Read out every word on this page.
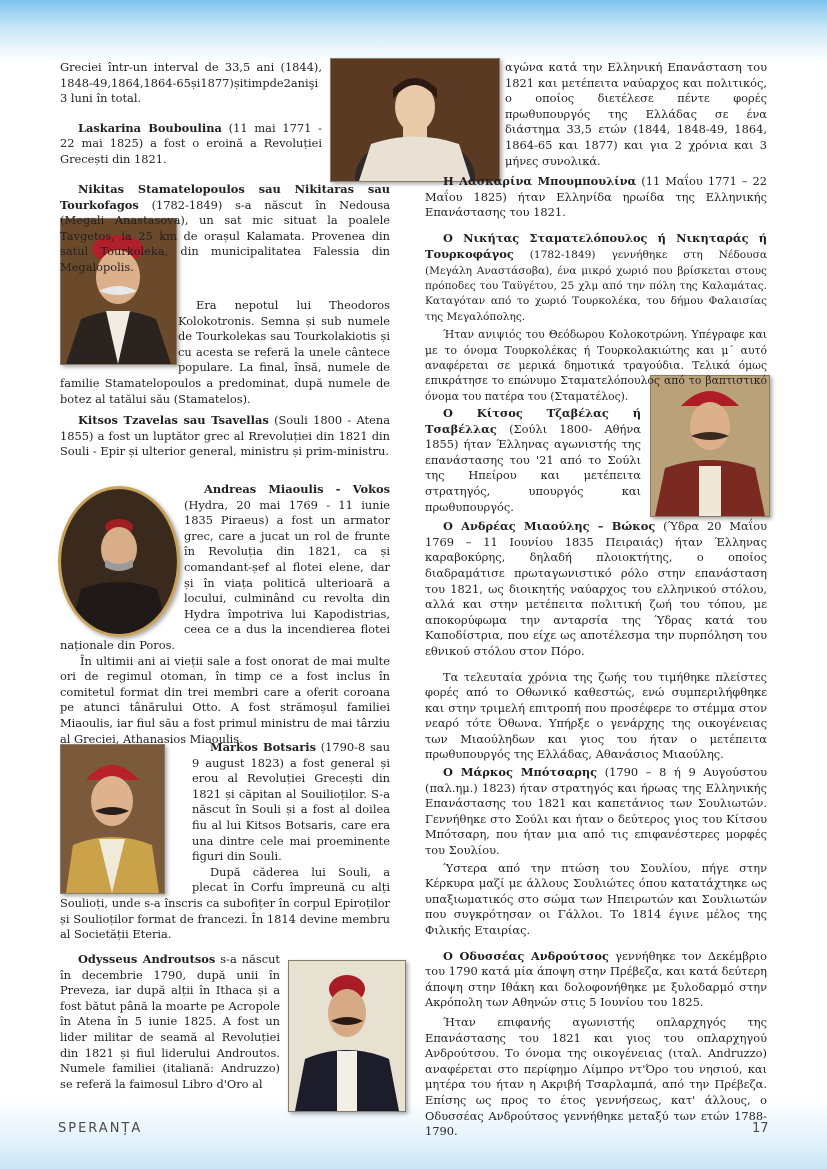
Greciei într-un interval de 33,5 ani (1844), 1848-49,1864,1864-65și1877)șitimpde2anişi 3 luni în total.

Laskarina Bouboulina (11 mai 1771 - 22 mai 1825) a fost o eroină a Revoluției Grecești din 1821.

Nikitas Stamatelopoulos sau Nikitaras sau Tourkofagos (1782-1849) s-a născut în Nedousa (Megali Anastasova), un sat mic situat la poalele Tavgetos, la 25 km de orașul Kalamata. Provenea din satul Tourkoleka, din municipalitatea Falessia din Megalopolis.

Era nepotul lui Theodoros Kolokotronis. Semna și sub numele de Tourkolekas sau Tourkolakiotis și cu acesta se referă la unele cântece populare. La final, însă, numele de familie Stamatelopoulos a predominat, după numele de botez al tatălui său (Stamatelos).

Kitsos Tzavelas sau Tsavellas (Souli 1800 - Atena 1855) a fost un luptător grec al Rrevoluției din 1821 din Souli - Epir și ulterior general, ministru și prim-ministru.

Andreas Miaoulis - Vokos (Hydra, 20 mai 1769 - 11 iunie 1835 Piraeus) a fost un armator grec, care a jucat un rol de frunte în Revoluția din 1821, ca și comandant-șef al flotei elene, dar și în viața politică ulterioară a locului, culminând cu revolta din Hydra împotriva lui Kapodistrias, ceea ce a dus la incendierea flotei naționale din Poros.

În ultimii ani ai vieții sale a fost onorat de mai multe ori de regimul otoman, în timp ce a fost inclus în comitetul format din trei membri care a oferit coroana pe atunci tânărului Otto. A fost strămoșul familiei Miaoulis, iar fiul său a fost primul ministru de mai târziu al Greciei, Athanasios Miaoulis.

Markos Botsaris (1790-8 sau 9 august 1823) a fost general și erou al Revoluției Grecești din 1821 și căpitan al Souilioților. S-a născut în Souli și a fost al doilea fiu al lui Kitsos Botsaris, care era una dintre cele mai proeminente figuri din Souli.

După căderea lui Souli, a plecat în Corfu împreună cu alți Soulioți, unde s-a înscris ca subofițer în corpul Epiroților și Soulioților format de francezi. În 1814 devine membru al Societății Eteria.

Odysseus Androutsos s-a născut în decembrie 1790, după unii în Preveza, iar după alții în Ithaca și a fost bătut până la moarte pe Acropole în Atena în 5 iunie 1825. A fost un lider militar de seamă al Revoluției din 1821 și fiul liderului Androutos. Numele familiei (italiană: Andruzzo) se referă la faimosul Libro d'Oro al

αγώνα κατά την Ελληνική Επανάσταση του 1821 και μετέπειτα ναύαρχος και πολιτικός, ο οποίος διετέλεσε πέντε φορές πρωθυπουργός της Ελλάδας σε ένα διάστημα 33,5 ετών (1844, 1848-49, 1864, 1864-65 και 1877) και για 2 χρόνια και 3 μήνες συνολικά.

Η Λασκαρίνα Μπουμπουλίνα (11 Μαΐου 1771 – 22 Μαΐου 1825) ήταν Ελληνίδα ηρωίδα της Ελληνικής Επανάστασης του 1821.

Ο Νικήτας Σταματελόπουλος ή Νικηταράς ή Τουρκοφάγος (1782-1849) γεννήθηκε στη Νέδουσα (Μεγάλη Αναστάσοβα), ένα μικρό χωριό που βρίσκεται στους πρόποδες του Ταϋγέτου, 25 χλμ από την πόλη της Καλαμάτας. Καταγόταν από το χωριό Τουρκολέκα, του δήμου Φαλαισίας της Μεγαλόπολης.

Ήταν ανιψιός του Θεόδωρου Κολοκοτρώνη. Υπέγραφε και με το όνομα Τουρκολέκας ή Τουρκολακιώτης και μ΄ αυτό αναφέρεται σε μερικά δημοτικά τραγούδια. Τελικά όμως επικράτησε το επώνυμο Σταματελόπουλος από το βαπτιστικό όνομα του πατέρα του (Σταματέλος).

Ο Κίτσος Τζαβέλας ή Τσαβέλλας (Σούλι 1800- Αθήνα 1855) ήταν Έλληνας αγωνιστής της επανάστασης του '21 από το Σούλι της Ηπείρου και μετέπειτα στρατηγός, υπουργός και πρωθυπουργός.

Ο Ανδρέας Μιαούλης – Βώκος (Ύδρα 20 Μαΐου 1769 – 11 Ιουνίου 1835 Πειραιάς) ήταν Έλληνας καραβοκύρης, δηλαδή πλοιοκτήτης, ο οποίος διαδραμάτισε πρωταγωνιστικό ρόλο στην επανάσταση του 1821, ως διοικητής ναύαρχος του ελληνικού στόλου, αλλά και στην μετέπειτα πολιτική ζωή του τόπου, με αποκορύφωμα την ανταρσία της Ύδρας κατά του Καποδίστρια, που είχε ως αποτέλεσμα την πυρπόληση του εθνικού στόλου στον Πόρο.

Τα τελευταία χρόνια της ζωής του τιμήθηκε πλείστες φορές από το Οθωνικό καθεστώς, ενώ συμπεριλήφθηκε και στην τριμελή επιτροπή που προσέφερε το στέμμα στον νεαρό τότε Όθωνα. Υπήρξε ο γενάρχης της οικογένειας των Μιαούληδων και γιος του ήταν ο μετέπειτα πρωθυπουργός της Ελλάδας, Αθανάσιος Μιαούλης.

Ο Μάρκος Μπότσαρης (1790 – 8 ή 9 Αυγούστου (παλ.ημ.) 1823) ήταν στρατηγός και ήρωας της Ελληνικής Επανάστασης του 1821 και καπετάνιος των Σουλιωτών. Γεννήθηκε στο Σούλι και ήταν ο δεύτερος γιος του Κίτσου Μπότσαρη, που ήταν μια από τις επιφανέστερες μορφές του Σουλίου.

Ύστερα από την πτώση του Σουλίου, πήγε στην Κέρκυρα μαζί με άλλους Σουλιώτες όπου κατατάχτηκε ως υπαξιωματικός στο σώμα των Ηπειρωτών και Σουλιωτών που συγκρότησαν οι Γάλλοι. Το 1814 έγινε μέλος της Φιλικής Εταιρίας.

Ο Οδυσσέας Ανδρούτσος γεννήθηκε τον Δεκέμβριο του 1790 κατά μία άποψη στην Πρέβεζα, και κατά δεύτερη άποψη στην Ιθάκη και δολοφονήθηκε με ξυλοδαρμό στην Ακρόπολη των Αθηνών στις 5 Ιουνίου του 1825.

Ήταν επιφανής αγωνιστής οπλαρχηγός της Επανάστασης του 1821 και γιος του οπλαρχηγού Ανδρούτσου. Το όνομα της οικογένειας (ιταλ. Andruzzo) αναφέρεται στο περίφημο Λίμπρο ντ'Όρο του νησιού, και μητέρα του ήταν η Ακριβή Τσαρλαμπά, από την Πρέβεζα. Επίσης ως προς το έτος γεννήσεως, κατ' άλλους, ο Οδυσσέας Ανδρούτσος γεννήθηκε μεταξύ των ετών 1788-1790.

SPERANȚA	17
